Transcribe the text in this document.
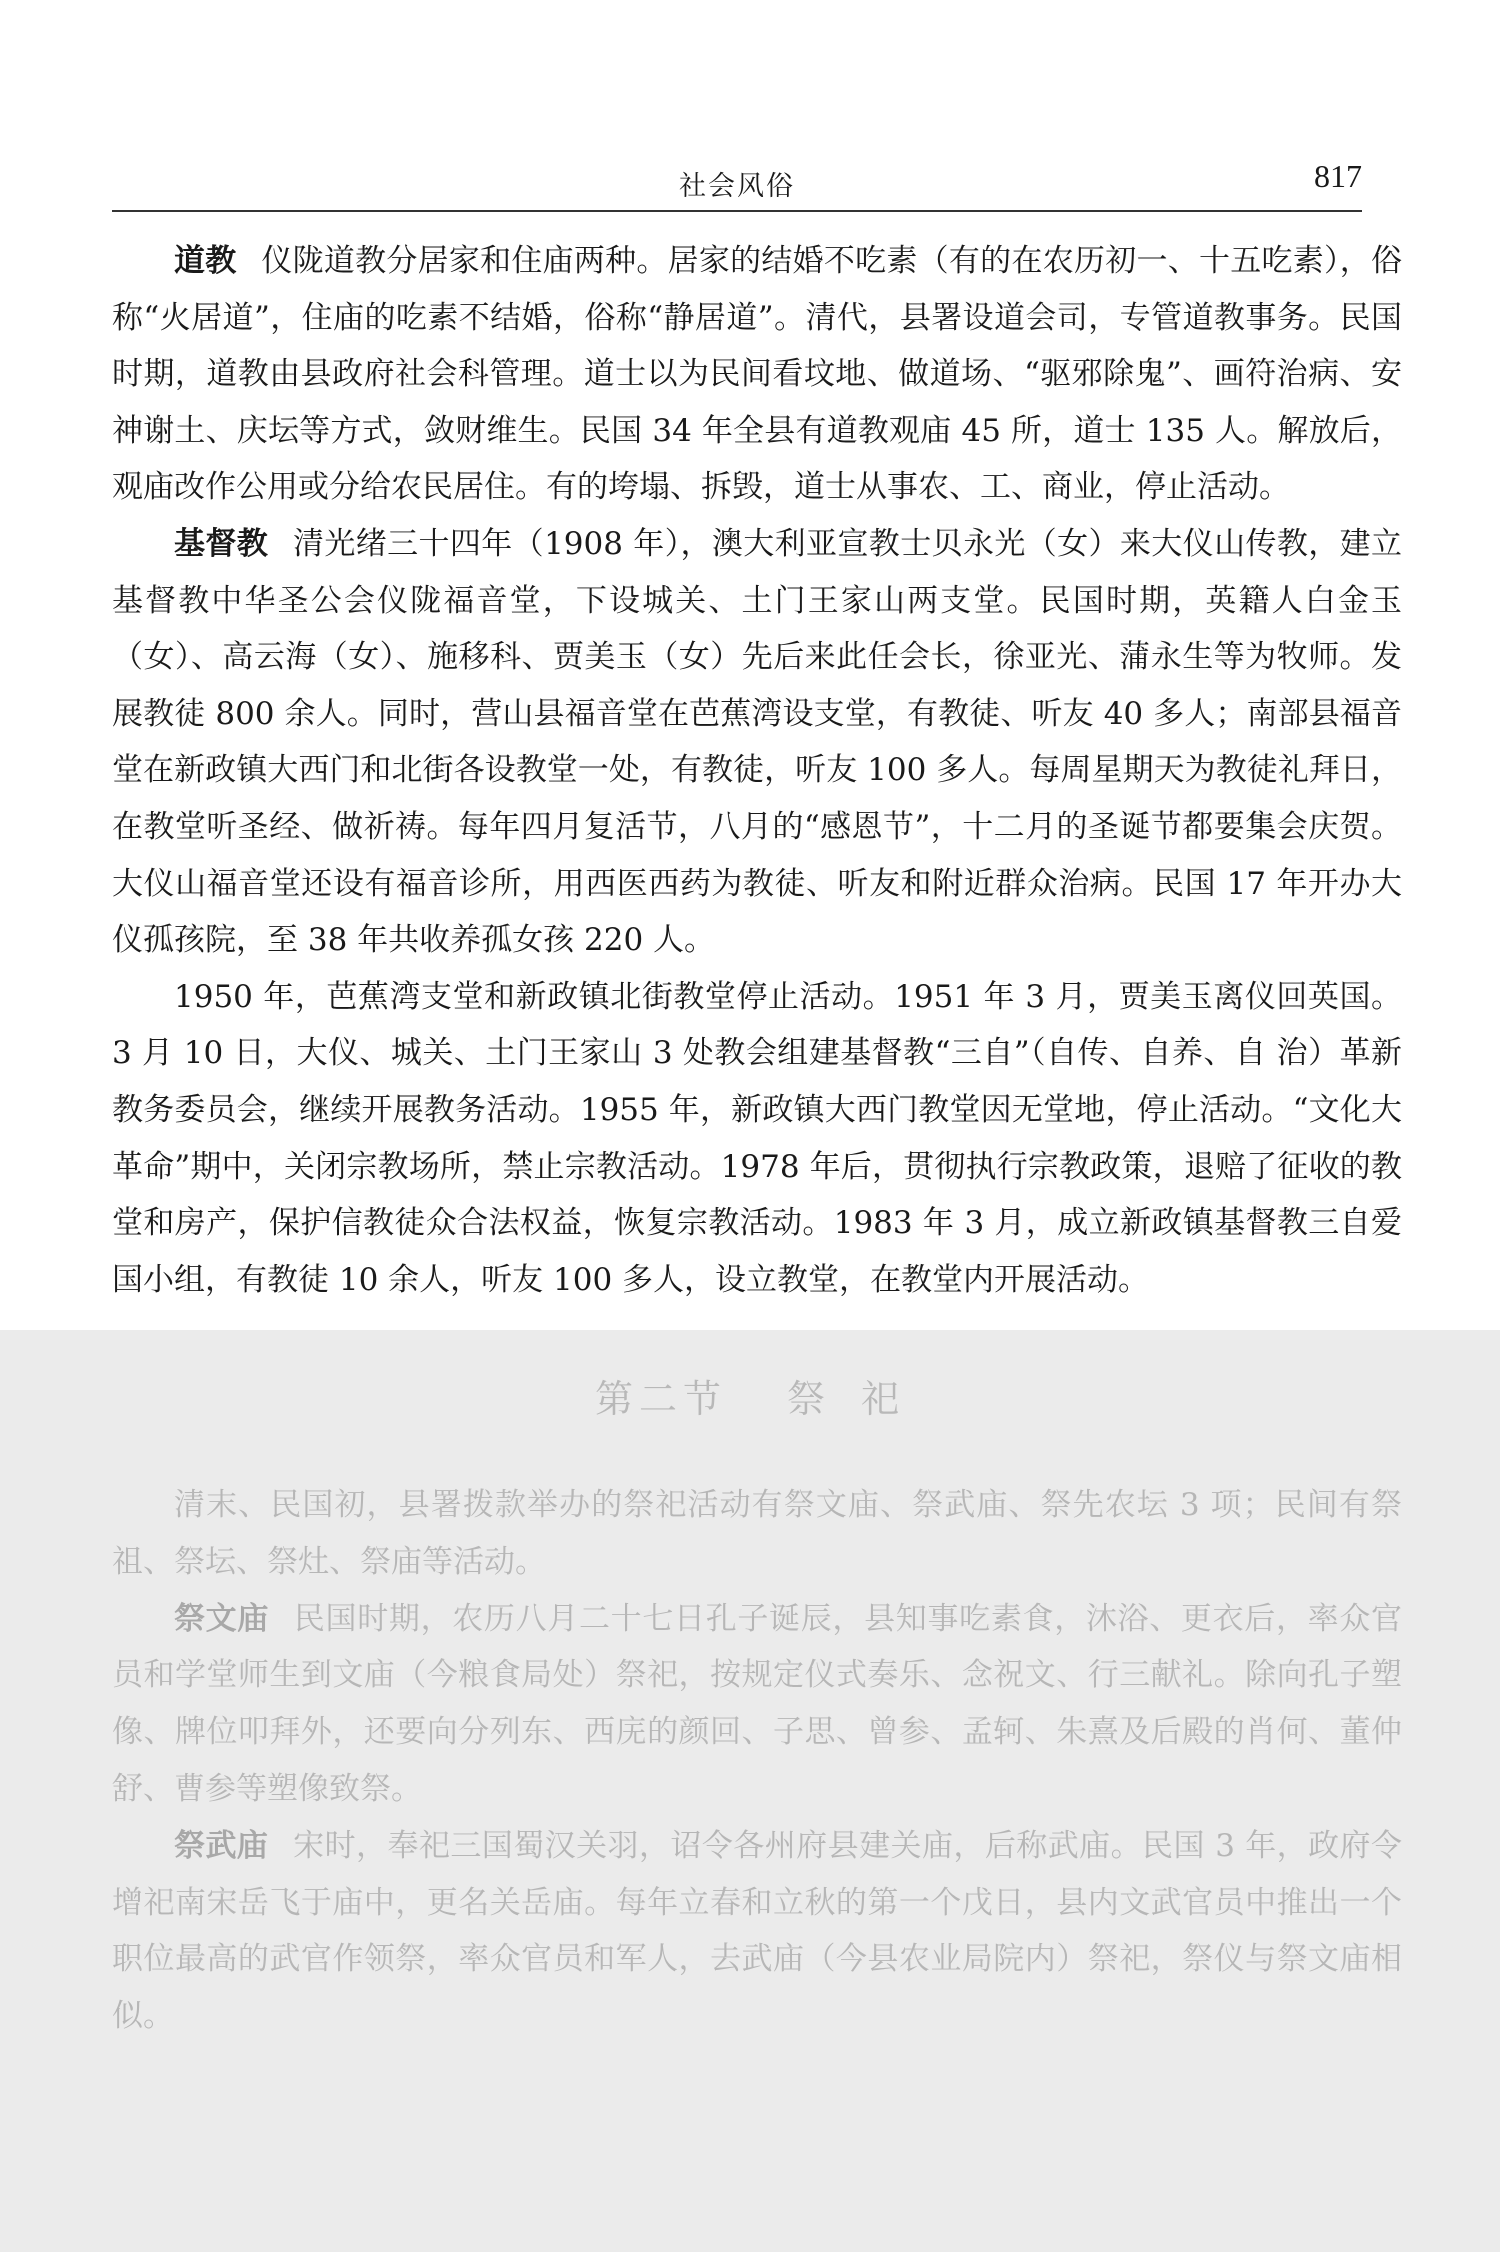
社会风俗	817

道教 仪陇道教分居家和住庙两种。居家的结婚不吃素（有的在农历初一、十五吃素），俗称“火居道”，住庙的吃素不结婚，俗称“静居道”。清代，县署设道会司，专管道教事务。民国时期，道教由县政府社会科管理。道士以为民间看坟地、做道场、“驱邪除鬼”、画符治病、安神谢土、庆坛等方式，敛财维生。民国 34 年全县有道教观庙 45 所，道士 135 人。解放后，观庙改作公用或分给农民居住。有的垮塌、拆毁，道士从事农、工、商业，停止活动。

基督教 清光绪三十四年（1908 年），澳大利亚宣教士贝永光（女）来大仪山传教，建立基督教中华圣公会仪陇福音堂，下设城关、土门王家山两支堂。民国时期，英籍人白金玉（女）、高云海（女）、施移科、贾美玉（女）先后来此任会长，徐亚光、蒲永生等为牧师。发展教徒 800 余人。同时，营山县福音堂在芭蕉湾设支堂，有教徒、听友 40 多人；南部县福音堂在新政镇大西门和北街各设教堂一处，有教徒，听友 100 多人。每周星期天为教徒礼拜日，在教堂听圣经、做祈祷。每年四月复活节，八月的“感恩节”，十二月的圣诞节都要集会庆贺。大仪山福音堂还设有福音诊所，用西医西药为教徒、听友和附近群众治病。民国 17 年开办大仪孤孩院，至 38 年共收养孤女孩 220 人。

1950 年，芭蕉湾支堂和新政镇北街教堂停止活动。1951 年 3 月，贾美玉离仪回英国。3 月 10 日，大仪、城关、土门王家山 3 处教会组建基督教“三自”（自传、自养、自 治）革新教务委员会，继续开展教务活动。1955 年，新政镇大西门教堂因无堂地，停止活动。“文化大革命”期中，关闭宗教场所，禁止宗教活动。1978 年后，贯彻执行宗教政策，退赔了征收的教堂和房产，保护信教徒众合法权益，恢复宗教活动。1983 年 3 月，成立新政镇基督教三自爱国小组，有教徒 10 余人，听友 100 多人，设立教堂，在教堂内开展活动。

第二节 祭 祀

清末、民国初，县署拨款举办的祭祀活动有祭文庙、祭武庙、祭先农坛 3 项；民间有祭祖、祭坛、祭灶、祭庙等活动。

祭文庙 民国时期，农历八月二十七日孔子诞辰，县知事吃素食，沐浴、更衣后，率众官员和学堂师生到文庙（今粮食局处）祭祀，按规定仪式奏乐、念祝文、行三献礼。除向孔子塑像、牌位叩拜外，还要向分列东、西庑的颜回、子思、曾参、孟轲、朱熹及后殿的肖何、董仲舒、曹参等塑像致祭。

祭武庙 宋时，奉祀三国蜀汉关羽，诏令各州府县建关庙，后称武庙。民国 3 年，政府令增祀南宋岳飞于庙中，更名关岳庙。每年立春和立秋的第一个戊日，县内文武官员中推出一个职位最高的武官作领祭，率众官员和军人，去武庙（今县农业局院内）祭祀，祭仪与祭文庙相似。
